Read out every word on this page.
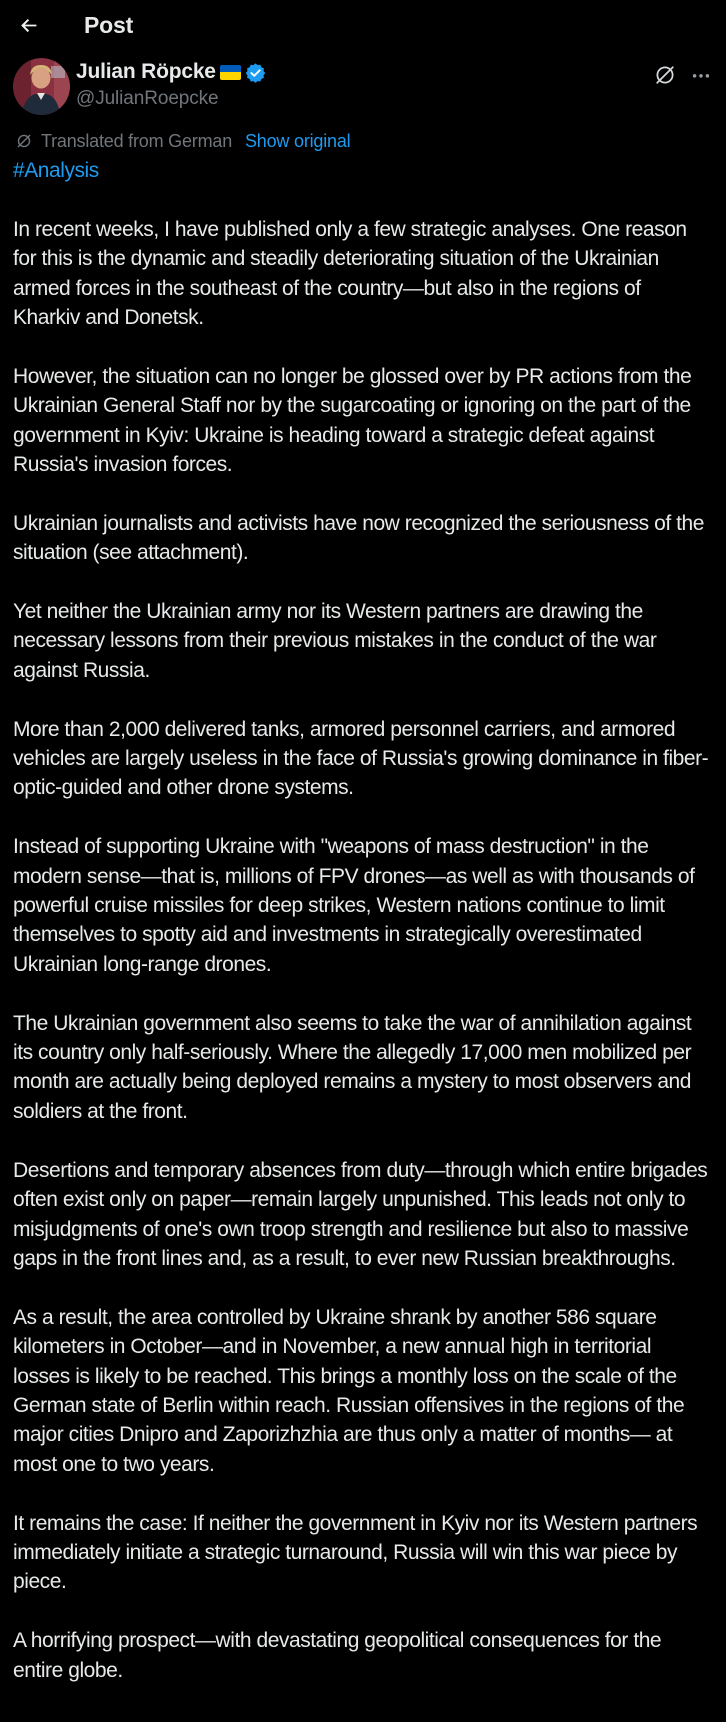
Post
Julian Röpcke
@JulianRoepcke
Translated from German Show original

#Analysis

In recent weeks, I have published only a few strategic analyses. One reason for this is the dynamic and steadily deteriorating situation of the Ukrainian armed forces in the southeast of the country—but also in the regions of Kharkiv and Donetsk.

However, the situation can no longer be glossed over by PR actions from the Ukrainian General Staff nor by the sugarcoating or ignoring on the part of the government in Kyiv: Ukraine is heading toward a strategic defeat against Russia's invasion forces.

Ukrainian journalists and activists have now recognized the seriousness of the situation (see attachment).

Yet neither the Ukrainian army nor its Western partners are drawing the necessary lessons from their previous mistakes in the conduct of the war against Russia.

More than 2,000 delivered tanks, armored personnel carriers, and armored vehicles are largely useless in the face of Russia's growing dominance in fiber-optic-guided and other drone systems.

Instead of supporting Ukraine with "weapons of mass destruction" in the modern sense—that is, millions of FPV drones—as well as with thousands of powerful cruise missiles for deep strikes, Western nations continue to limit themselves to spotty aid and investments in strategically overestimated Ukrainian long-range drones.

The Ukrainian government also seems to take the war of annihilation against its country only half-seriously. Where the allegedly 17,000 men mobilized per month are actually being deployed remains a mystery to most observers and soldiers at the front.

Desertions and temporary absences from duty—through which entire brigades often exist only on paper—remain largely unpunished. This leads not only to misjudgments of one's own troop strength and resilience but also to massive gaps in the front lines and, as a result, to ever new Russian breakthroughs.

As a result, the area controlled by Ukraine shrank by another 586 square kilometers in October—and in November, a new annual high in territorial losses is likely to be reached. This brings a monthly loss on the scale of the German state of Berlin within reach. Russian offensives in the regions of the major cities Dnipro and Zaporizhzhia are thus only a matter of months— at most one to two years.

It remains the case: If neither the government in Kyiv nor its Western partners immediately initiate a strategic turnaround, Russia will win this war piece by piece.

A horrifying prospect—with devastating geopolitical consequences for the entire globe.
